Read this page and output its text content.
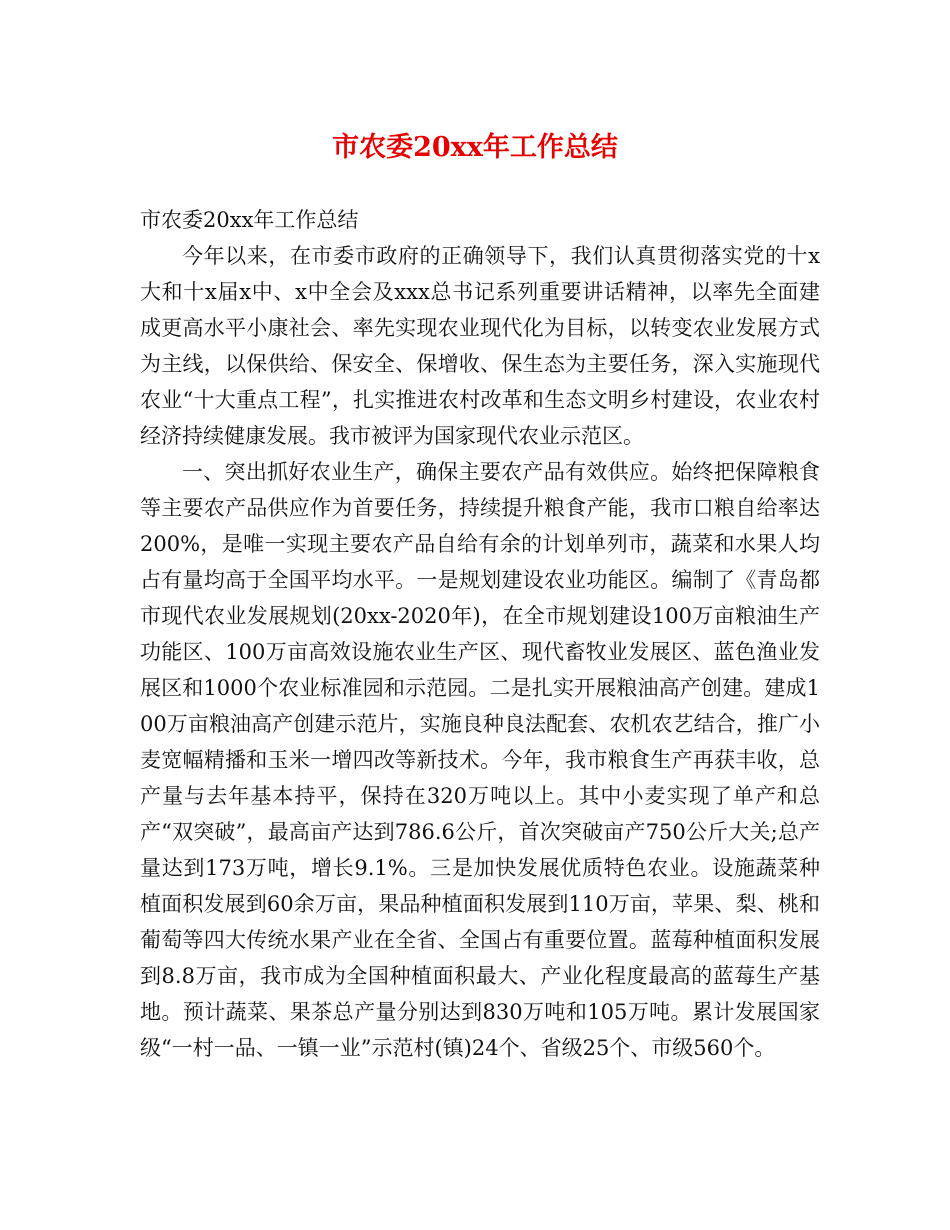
市农委20xx年工作总结

市农委20xx年工作总结

今年以来，在市委市政府的正确领导下，我们认真贯彻落实党的十x大和十x届x中、x中全会及xxx总书记系列重要讲话精神，以率先全面建成更高水平小康社会、率先实现农业现代化为目标，以转变农业发展方式为主线，以保供给、保安全、保增收、保生态为主要任务，深入实施现代农业“十大重点工程”，扎实推进农村改革和生态文明乡村建设，农业农村经济持续健康发展。我市被评为国家现代农业示范区。

一、突出抓好农业生产，确保主要农产品有效供应。始终把保障粮食等主要农产品供应作为首要任务，持续提升粮食产能，我市口粮自给率达200%，是唯一实现主要农产品自给有余的计划单列市，蔬菜和水果人均占有量均高于全国平均水平。一是规划建设农业功能区。编制了《青岛都市现代农业发展规划(20xx-2020年)，在全市规划建设100万亩粮油生产功能区、100万亩高效设施农业生产区、现代畜牧业发展区、蓝色渔业发展区和1000个农业标准园和示范园。二是扎实开展粮油高产创建。建成100万亩粮油高产创建示范片，实施良种良法配套、农机农艺结合，推广小麦宽幅精播和玉米一增四改等新技术。今年，我市粮食生产再获丰收，总产量与去年基本持平，保持在320万吨以上。其中小麦实现了单产和总产“双突破”，最高亩产达到786.6公斤，首次突破亩产750公斤大关;总产量达到173万吨，增长9.1%。三是加快发展优质特色农业。设施蔬菜种植面积发展到60余万亩，果品种植面积发展到110万亩，苹果、梨、桃和葡萄等四大传统水果产业在全省、全国占有重要位置。蓝莓种植面积发展到8.8万亩，我市成为全国种植面积最大、产业化程度最高的蓝莓生产基地。预计蔬菜、果茶总产量分别达到830万吨和105万吨。累计发展国家级“一村一品、一镇一业”示范村(镇)24个、省级25个、市级560个。
